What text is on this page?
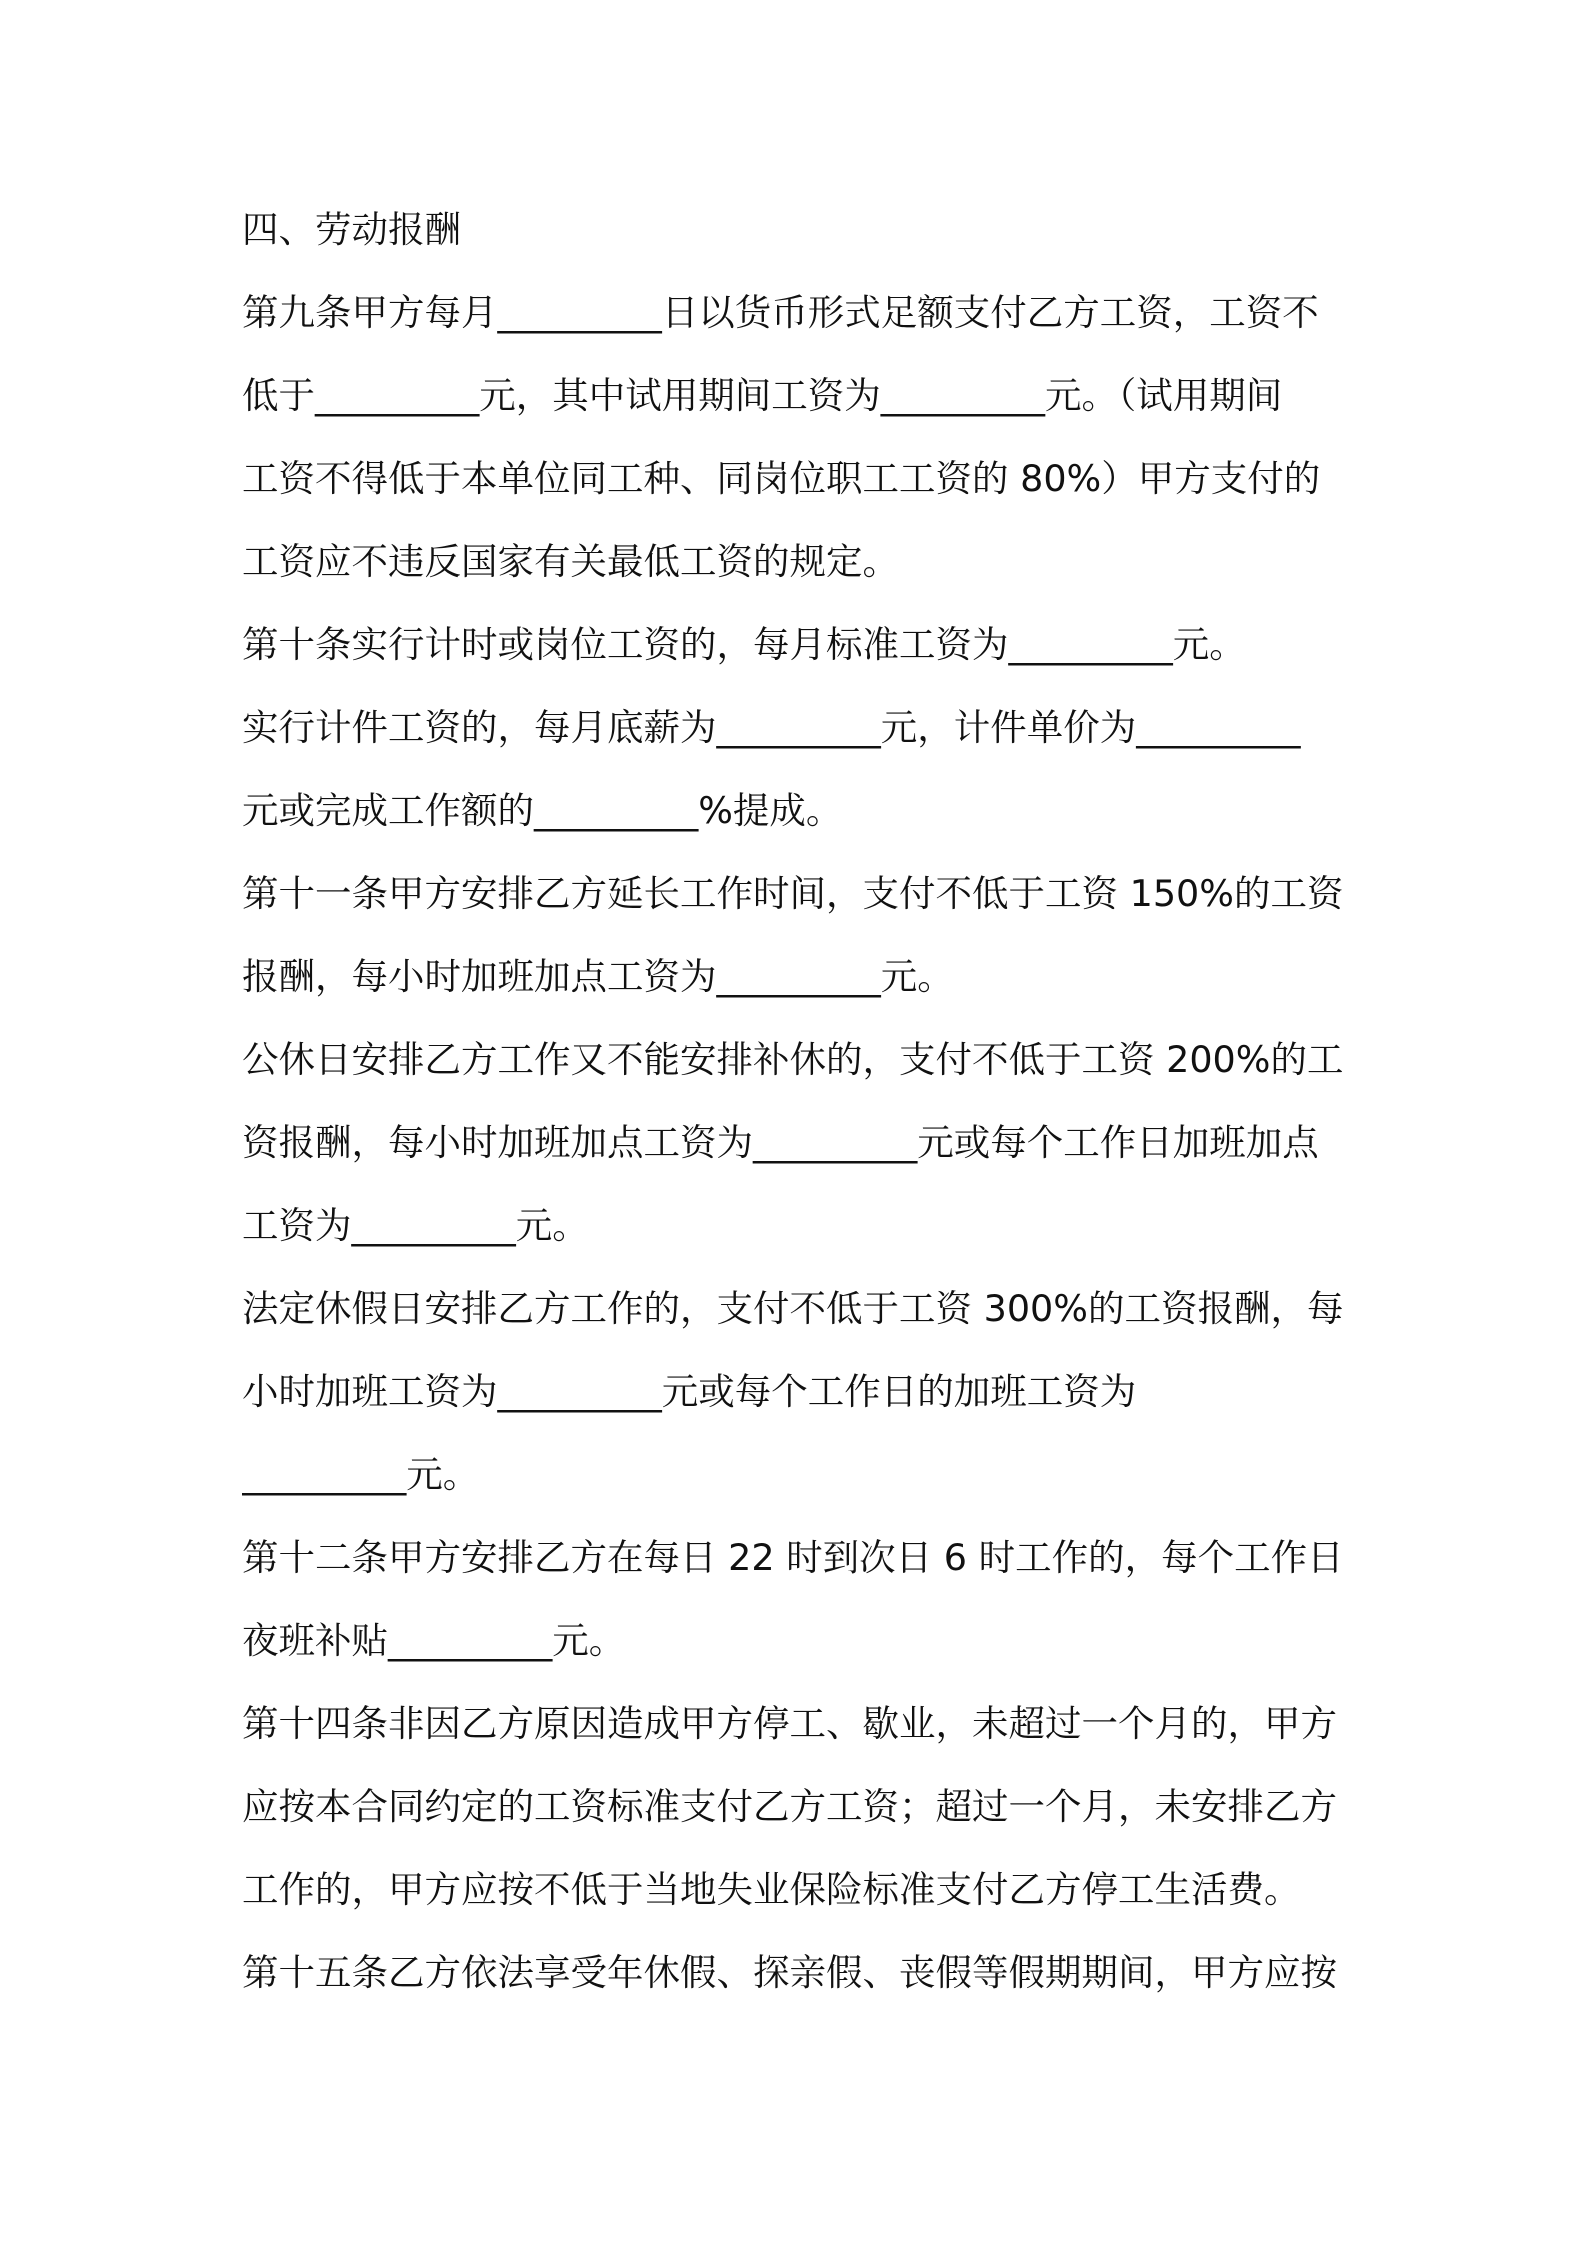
四、劳动报酬
第九条甲方每月_________日以货币形式足额支付乙方工资，工资不
低于_________元，其中试用期间工资为_________元。（试用期间
工资不得低于本单位同工种、同岗位职工工资的 80%）甲方支付的
工资应不违反国家有关最低工资的规定。
第十条实行计时或岗位工资的，每月标准工资为_________元。
实行计件工资的，每月底薪为_________元，计件单价为_________
元或完成工作额的_________%提成。
第十一条甲方安排乙方延长工作时间，支付不低于工资 150%的工资
报酬，每小时加班加点工资为_________元。
公休日安排乙方工作又不能安排补休的，支付不低于工资 200%的工
资报酬，每小时加班加点工资为_________元或每个工作日加班加点
工资为_________元。
法定休假日安排乙方工作的，支付不低于工资 300%的工资报酬，每
小时加班工资为_________元或每个工作日的加班工资为
_________元。
第十二条甲方安排乙方在每日 22 时到次日 6 时工作的，每个工作日
夜班补贴_________元。
第十四条非因乙方原因造成甲方停工、歇业，未超过一个月的，甲方
应按本合同约定的工资标准支付乙方工资；超过一个月，未安排乙方
工作的，甲方应按不低于当地失业保险标准支付乙方停工生活费。
第十五条乙方依法享受年休假、探亲假、丧假等假期期间，甲方应按
